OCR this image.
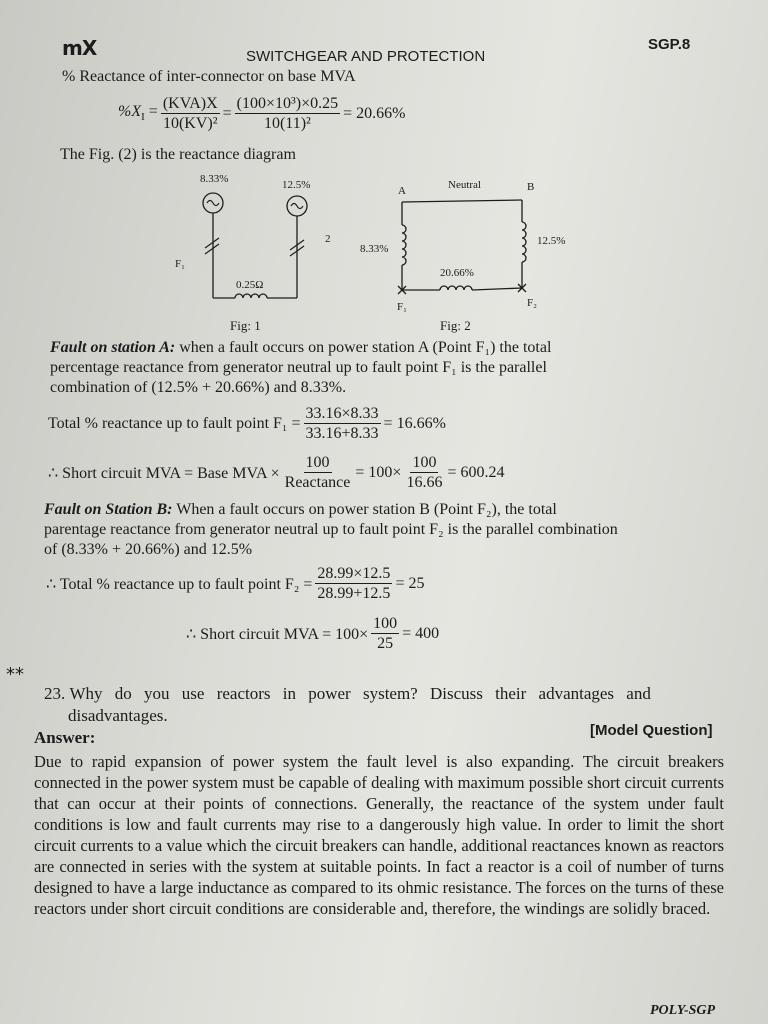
mX	SWITCHGEAR AND PROTECTION
SGP.8
% Reactance of inter-connector on base MVA
$\%X_I = \frac{\text{(KVA)X}}{\text{10(KV)²}} = \frac{\text{(100×10³)×0.25}}{\text{10(11)²}} = 20.66\%$
The Fig. (2) is the reactance diagram
8.33%	12.5%
2
F₁
0.25Ω
Fig: 1
A	Neutral	B
8.33%
12.5%
20.66%
F₁	F₂
Fig: 2
Fault on station A: when a fault occurs on power station A (Point F₁) the total
percentage reactance from generator neutral up to fault point F₁ is the parallel
combination of (12.5% + 20.66%) and 8.33%.
Total % reactance up to fault point $F_1 = \frac{33.16\times 8.33}{33.16+8.33} = 16.66\%$
∴ Short circuit MVA = Base MVA × $\frac{100}{\text{Reactance}} = 100\times \frac{100}{16.66} = 600.24$
Fault on Station B: When a fault occurs on power station B (Point F₂), the total
parentage reactance from generator neutral up to fault point F₂ is the parallel combination
of (8.33% + 20.66%) and 12.5%
∴ Total % reactance up to fault point $F_2 = \frac{28.99\times 12.5}{28.99+12.5} = 25$
∴ Short circuit MVA = $100\times \frac{100}{25} = 400$
**
23. Why do you use reactors in power system? Discuss their advantages and
disadvantages.
[Model Question]
Answer:
Due to rapid expansion of power system the fault level is also expanding. The circuit breakers connected in the power system must be capable of dealing with maximum possible short circuit currents that can occur at their points of connections. Generally, the reactance of the system under fault conditions is low and fault currents may rise to a dangerously high value. In order to limit the short circuit currents to a value which the circuit breakers can handle, additional reactances known as reactors are connected in series with the system at suitable points. In fact a reactor is a coil of number of turns designed to have a large inductance as compared to its ohmic resistance. The forces on the turns of these reactors under short circuit conditions are considerable and, therefore, the windings are solidly braced.
POLY-SGP
